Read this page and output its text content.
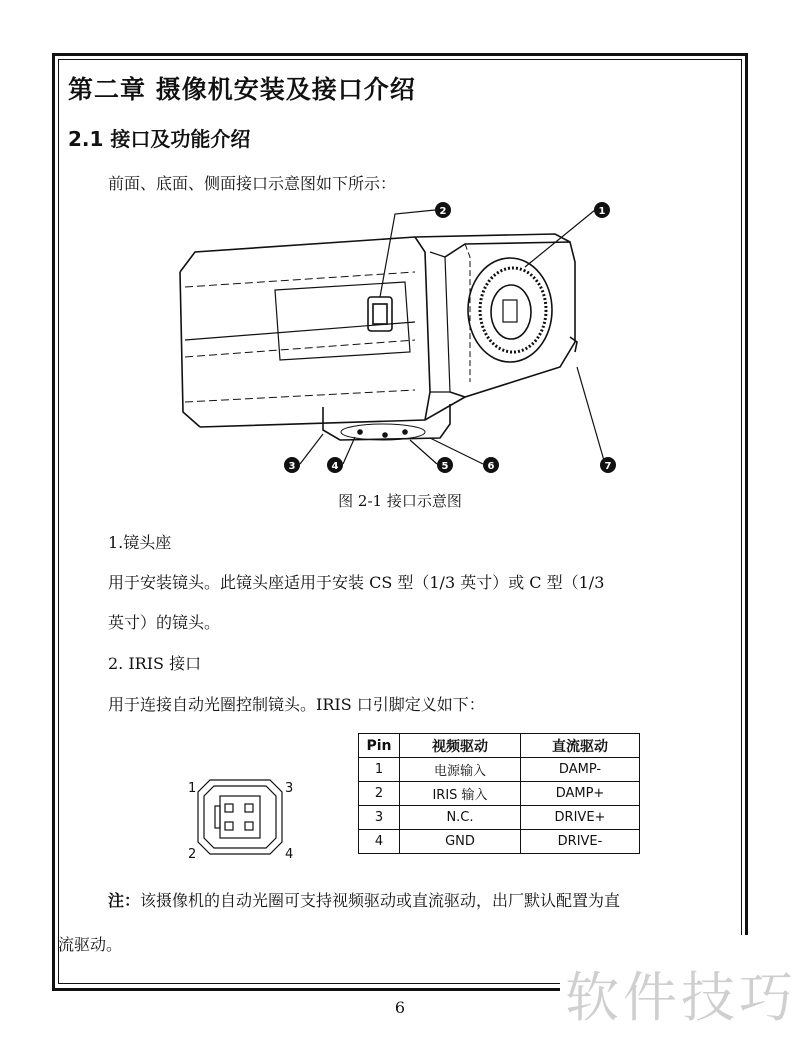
第二章 摄像机安装及接口介绍
2.1 接口及功能介绍
前面、底面、侧面接口示意图如下所示：
1
2
3	4	5	6	7
图 2-1 接口示意图
1.镜头座
用于安装镜头。此镜头座适用于安装 CS 型（1/3 英寸）或 C 型（1/3
英寸）的镜头。
2. IRIS 接口
用于连接自动光圈控制镜头。IRIS 口引脚定义如下：
1	3
2	4
Pin	视频驱动	直流驱动
1	电源输入	DAMP-
2	IRIS 输入	DAMP+
3	N.C.	DRIVE+
4	GND	DRIVE-
注：该摄像机的自动光圈可支持视频驱动或直流驱动，出厂默认配置为直
流驱动。
6	软件技巧
